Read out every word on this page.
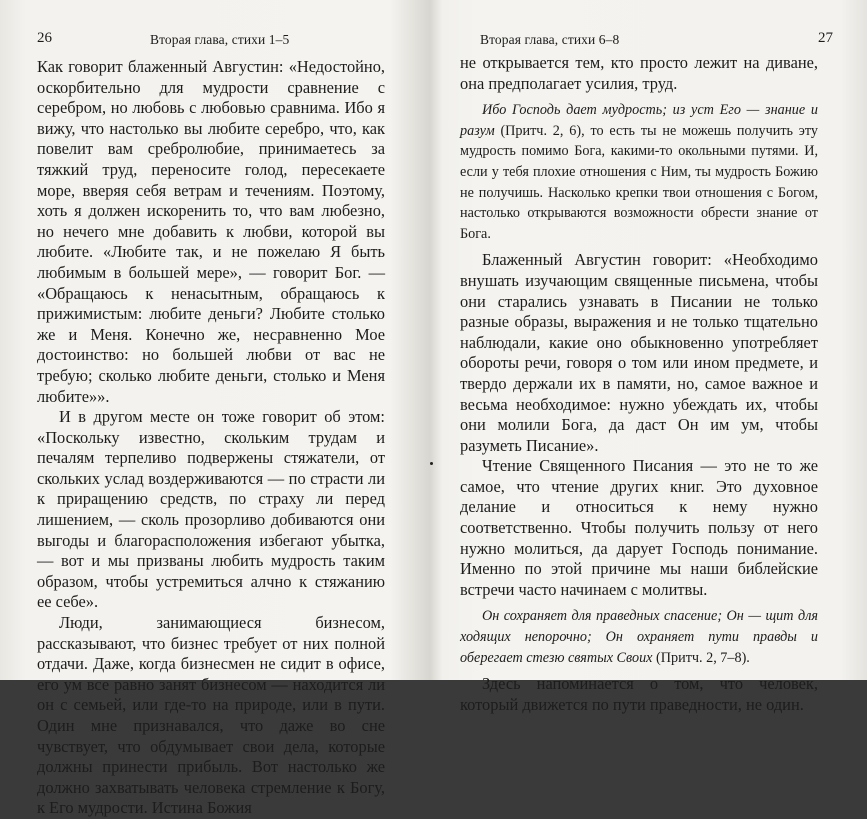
26	Вторая глава, стихи 1–5

Как говорит блаженный Августин: «Недостойно, оскорбительно для мудрости сравнение с серебром, но любовь с любовью сравнима. Ибо я вижу, что настолько вы любите серебро, что, как повелит вам сребролюбие, принимаетесь за тяжкий труд, переносите голод, пересекаете море, вверяя себя ветрам и течениям. Поэтому, хоть я должен искоренить то, что вам любезно, но нечего мне добавить к любви, которой вы любите. «Любите так, и не пожелаю Я быть любимым в большей мере», — говорит Бог. — «Обращаюсь к ненасытным, обращаюсь к прижимистым: любите деньги? Любите столько же и Меня. Конечно же, несравненно Мое достоинство: но большей любви от вас не требую; сколько любите деньги, столько и Меня любите»».

И в другом месте он тоже говорит об этом: «Поскольку известно, скольким трудам и печалям терпеливо подвержены стяжатели, от скольких услад воздерживаются — по страсти ли к приращению средств, по страху ли перед лишением, — сколь прозорливо добиваются они выгоды и благорасположения избегают убытка, — вот и мы призваны любить мудрость таким образом, чтобы устремиться алчно к стяжанию ее себе».

Люди, занимающиеся бизнесом, рассказывают, что бизнес требует от них полной отдачи. Даже, когда бизнесмен не сидит в офисе, его ум все равно занят бизнесом — находится ли он с семьей, или где-то на природе, или в пути. Один мне признавался, что даже во сне чувствует, что обдумывает свои дела, которые должны принести прибыль. Вот настолько же должно захватывать человека стремление к Богу, к Его мудрости. Истина Божия

Вторая глава, стихи 6–8	27

не открывается тем, кто просто лежит на диване, она предполагает усилия, труд.

Ибо Господь дает мудрость; из уст Его — знание и разум (Притч. 2, 6), то есть ты не можешь получить эту мудрость помимо Бога, какими-то окольными путями. И, если у тебя плохие отношения с Ним, ты мудрость Божию не получишь. Насколько крепки твои отношения с Богом, настолько открываются возможности обрести знание от Бога.

Блаженный Августин говорит: «Необходимо внушать изучающим священные письмена, чтобы они старались узнавать в Писании не только разные образы, выражения и не только тщательно наблюдали, какие оно обыкновенно употребляет обороты речи, говоря о том или ином предмете, и твердо держали их в памяти, но, самое важное и весьма необходимое: нужно убеждать их, чтобы они молили Бога, да даст Он им ум, чтобы разуметь Писание».

Чтение Священного Писания — это не то же самое, что чтение других книг. Это духовное делание и относиться к нему нужно соответственно. Чтобы получить пользу от него нужно молиться, да дарует Господь понимание. Именно по этой причине мы наши библейские встречи часто начинаем с молитвы.

Он сохраняет для праведных спасение; Он — щит для ходящих непорочно; Он охраняет пути правды и оберегает стезю святых Своих (Притч. 2, 7–8).

Здесь напоминается о том, что человек, который движется по пути праведности, не один.
